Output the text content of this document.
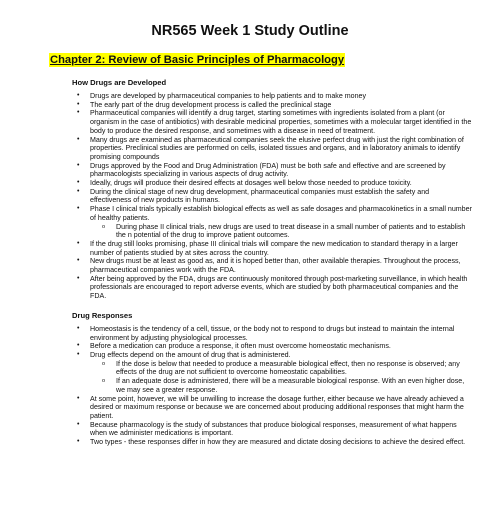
NR565 Week 1 Study Outline
Chapter 2: Review of Basic Principles of Pharmacology
How Drugs are Developed
• Drugs are developed by pharmaceutical companies to help patients and to make money
• The early part of the drug development process is called the preclinical stage
• Pharmaceutical companies will identify a drug target, starting sometimes with ingredients isolated from a plant (or organism in the case of antibiotics) with desirable medicinal properties, sometimes with a molecular target identified in the body to produce the desired response, and sometimes with a disease in need of treatment.
• Many drugs are examined as pharmaceutical companies seek the elusive perfect drug with just the right combination of properties. Preclinical studies are performed on cells, isolated tissues and organs, and in laboratory animals to identify promising compounds
• Drugs approved by the Food and Drug Administration (FDA) must be both safe and effective and are screened by pharmacologists specializing in various aspects of drug activity.
• Ideally, drugs will produce their desired effects at dosages well below those needed to produce toxicity.
• During the clinical stage of new drug development, pharmaceutical companies must establish the safety and effectiveness of new products in humans.
• Phase I clinical trials typically establish biological effects as well as safe dosages and pharmacokinetics in a small number of healthy patients.
o During phase II clinical trials, new drugs are used to treat disease in a small number of patients and to establish the n potential of the drug to improve patient outcomes.
• If the drug still looks promising, phase III clinical trials will compare the new medication to standard therapy in a larger number of patients studied by at sites across the country.
• New drugs must be at least as good as, and it is hoped better than, other available therapies. Throughout the process, pharmaceutical companies work with the FDA.
• After being approved by the FDA, drugs are continuously monitored through post-marketing surveillance, in which health professionals are encouraged to report adverse events, which are studied by both pharmaceutical companies and the FDA.
Drug Responses
• Homeostasis is the tendency of a cell, tissue, or the body not to respond to drugs but instead to maintain the internal environment by adjusting physiological processes.
• Before a medication can produce a response, it often must overcome homeostatic mechanisms.
• Drug effects depend on the amount of drug that is administered.
o If the dose is below that needed to produce a measurable biological effect, then no response is observed; any effects of the drug are not sufficient to overcome homeostatic capabilities.
o If an adequate dose is administered, there will be a measurable biological response. With an even higher dose, we may see a greater response.
• At some point, however, we will be unwilling to increase the dosage further, either because we have already achieved a desired or maximum response or because we are concerned about producing additional responses that might harm the patient.
• Because pharmacology is the study of substances that produce biological responses, measurement of what happens when we administer medications is important.
• Two types - these responses differ in how they are measured and dictate dosing decisions to achieve the desired effect.
